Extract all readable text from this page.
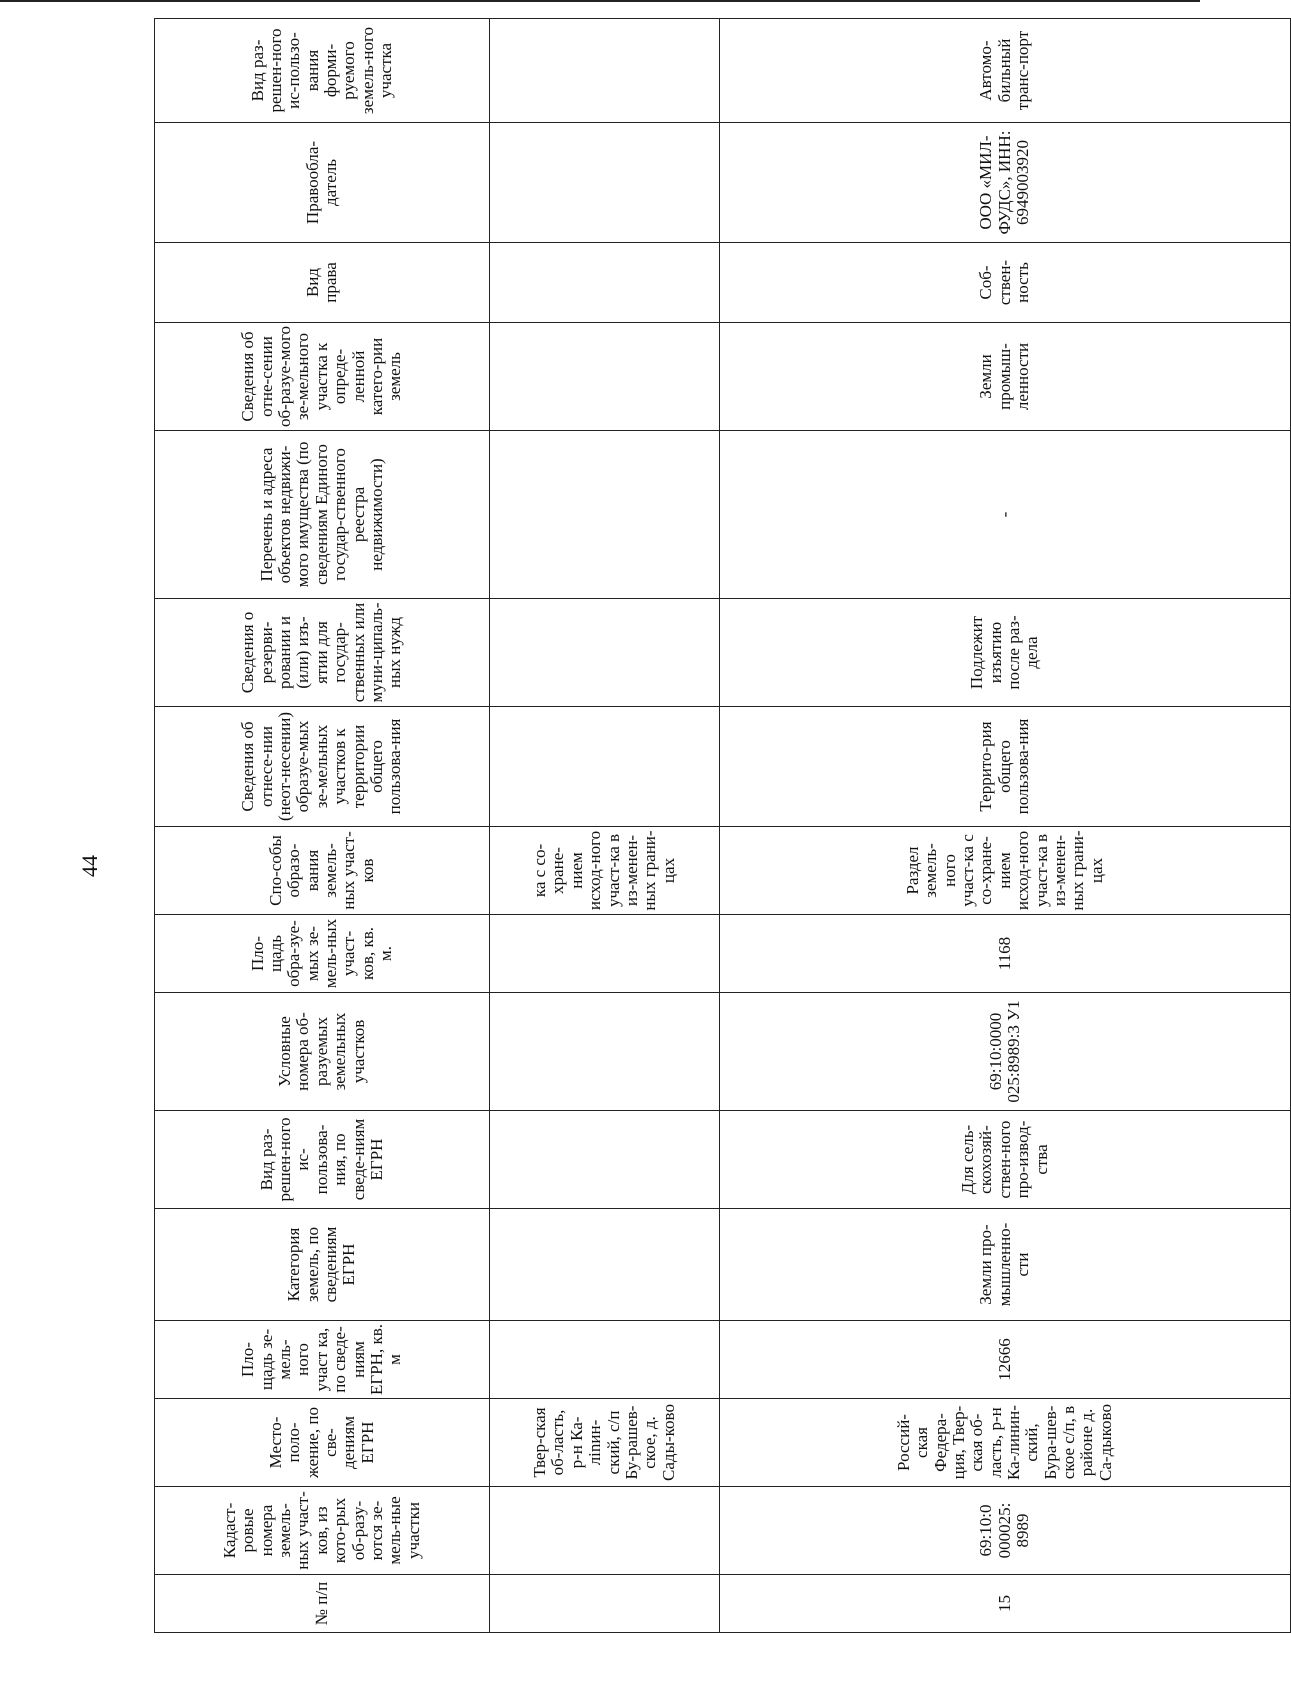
44
№ п/п	Кадаст-ровые номера земель-ных участ-ков, из кото-рых об-разу-ются зе-мель-ные участки	Место-поло-жение, по све-дениям ЕГРН	Пло-щадь зе-мель-ного участ ка, по сведе-ниям ЕГРН, кв. м	Категория земель, по сведениям ЕГРН	Вид раз-решен-ного ис-пользова-ния, по сведе-ниям ЕГРН	Условные номера об-разуемых земельных участков	Пло-щадь обра-зуе-мых зе-мель-ных участ-ков, кв. м.	Спо-собы образо-вания земель-ных участ-ков	Сведения об отнесе-нии (неот-несении) образуе-мых зе-мельных участков к территории общего пользова-ния	Сведения о резерви-ровании и (или) изъ-ятии для государ-ственных или муни-ципаль-ных нужд	Перечень и адреса объектов недвижи-мого имущества (по сведениям Единого государ-ственного реестра недвижимости)	Сведения об отне-сении об-разуе-мого зе-мельного участка к опреде-ленной катего-рии земель	Вид права	Правообла-датель	Вид раз-решен-ного ис-пользо-вания форми-руемого земель-ного участка
		Твер-ская об-ласть, р-н Ка-лinин-ский, с/п Бу-рашев-ское, д. Сады-ково						ка с со-хране-нием исход-ного участ-ка в из-менен-ных грани-цах							
15	69:10:0 000025: 8989	Россий-ская Федера-ция, Твер-ская об-ласть, р-н Ка-линин-ский, Бура-шев-ское с/п, в районе д. Са-дыково	12666	Земли про-мышленно-сти	Для сель-скохозяй-ствен-ного про-извод-ства	69:10:0000 025:8989:3 У1	1168	Раздел земель-ного участ-ка с со-хране-нием исход-ного участ-ка в из-менен-ных грани-цах	Террито-рия общего пользова-ния	Подлежит изъятию после раз-дела	-	Земли промыш-ленности	Соб-ствен-ность	ООО «МИЛ-ФУДС», ИНН: 6949003920	Автомо-бильный транс-порт
